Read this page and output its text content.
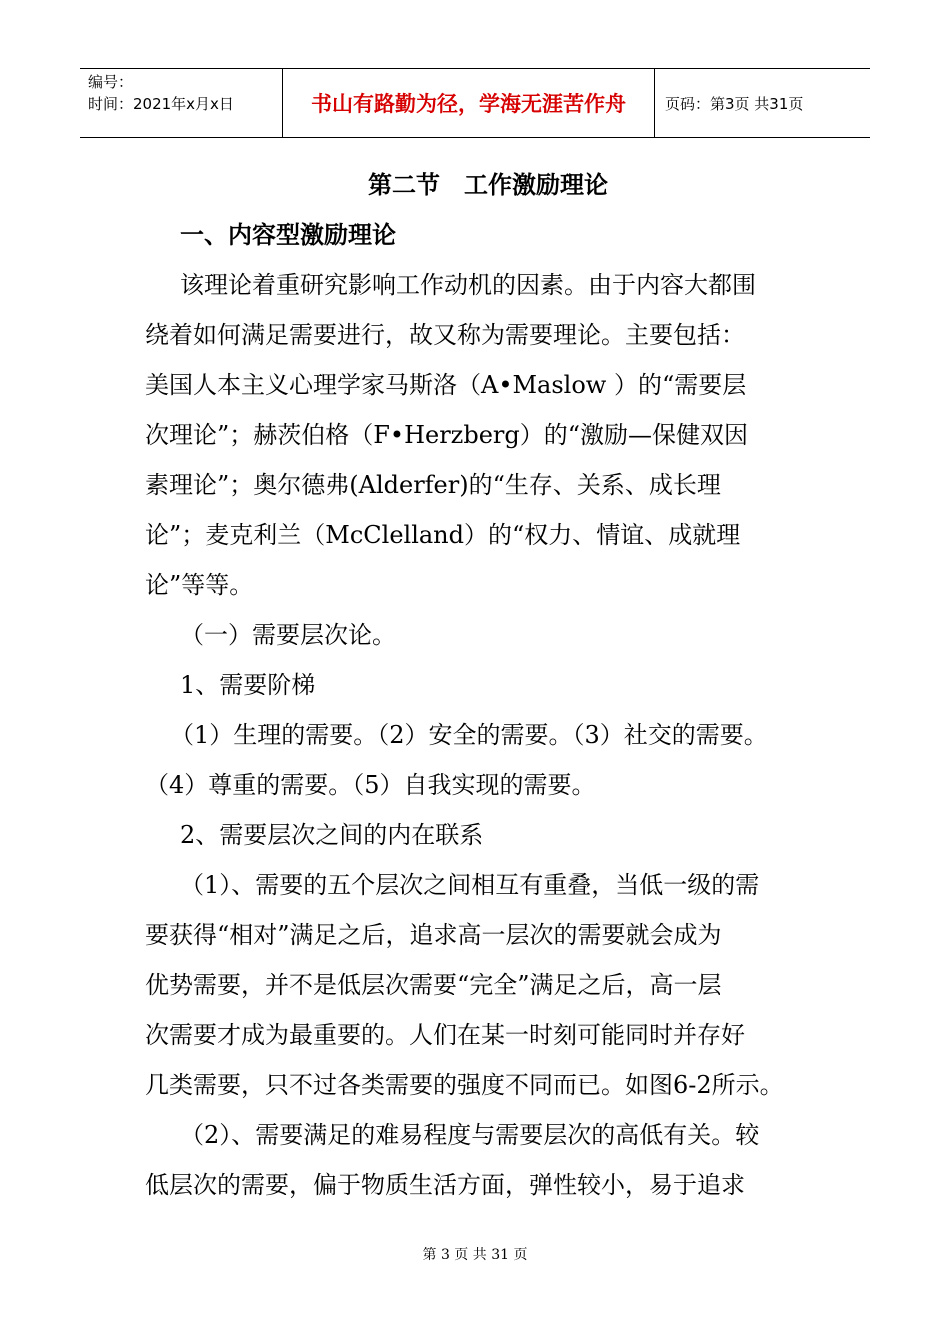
编号：
时间：2021年x月x日	书山有路勤为径，学海无涯苦作舟	页码：第3页 共31页
第二节　工作激励理论
一、内容型激励理论
该理论着重研究影响工作动机的因素。由于内容大都围
绕着如何满足需要进行，故又称为需要理论。主要包括：
美国人本主义心理学家马斯洛（A•Maslow ）的“需要层
次理论”；赫茨伯格（F•Herzberg）的“激励—保健双因
素理论”；奥尔德弗(Alderfer)的“生存、关系、成长理
论”；麦克利兰（McClelland）的“权力、情谊、成就理
论”等等。
（一）需要层次论。
1、需要阶梯
（1）生理的需要。（2）安全的需要。（3）社交的需要。
（4）尊重的需要。（5）自我实现的需要。
2、需要层次之间的内在联系
（1）、需要的五个层次之间相互有重叠，当低一级的需
要获得“相对”满足之后，追求高一层次的需要就会成为
优势需要，并不是低层次需要“完全”满足之后，高一层
次需要才成为最重要的。人们在某一时刻可能同时并存好
几类需要，只不过各类需要的强度不同而已。如图6-2所示。
（2）、需要满足的难易程度与需要层次的高低有关。较
低层次的需要，偏于物质生活方面，弹性较小，易于追求
第 3 页 共 31 页
